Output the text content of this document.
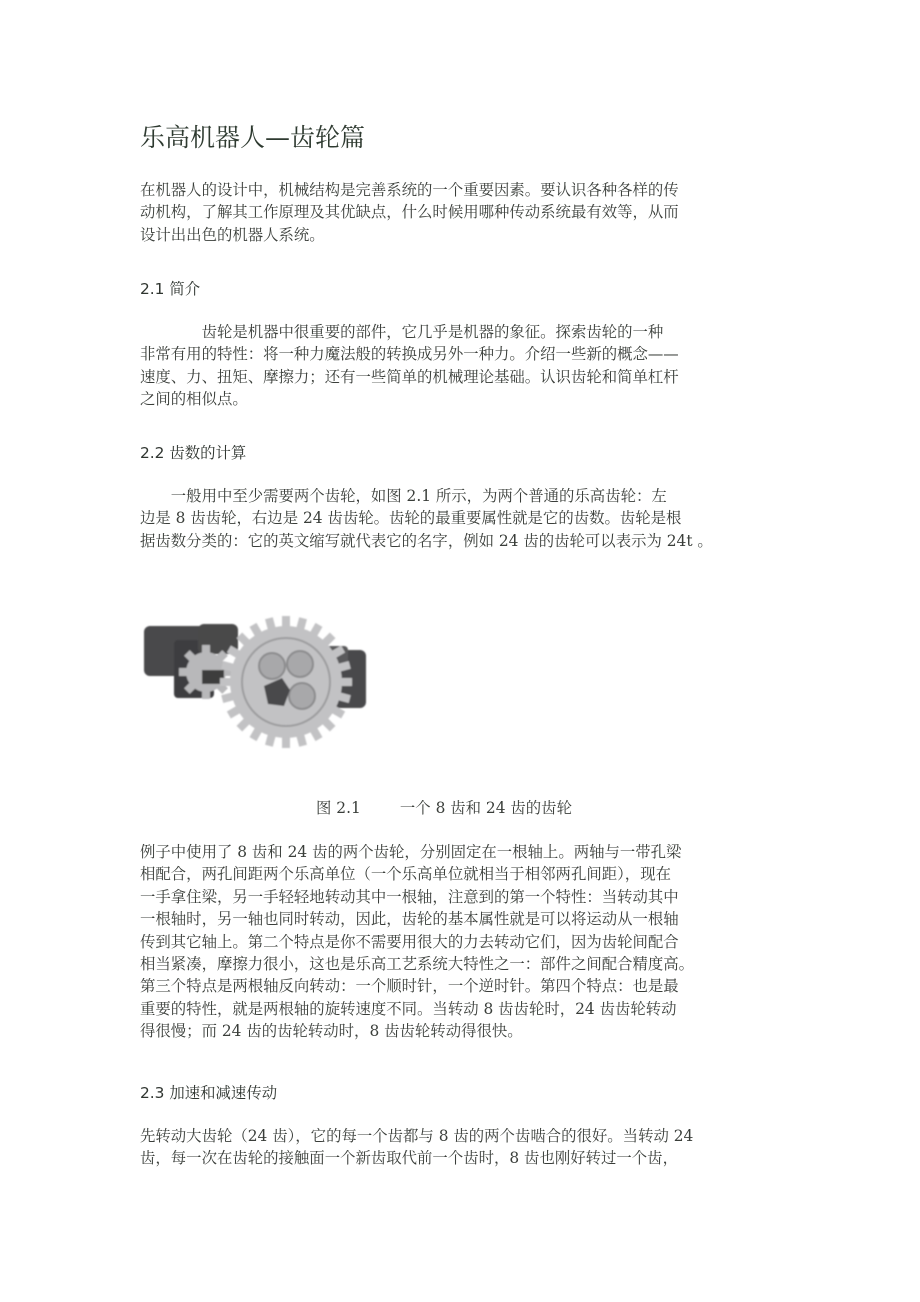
乐高机器人—齿轮篇
在机器人的设计中，机械结构是完善系统的一个重要因素。要认识各种各样的传
动机构，了解其工作原理及其优缺点，什么时候用哪种传动系统最有效等，从而
设计出出色的机器人系统。
2.1 简介
　　　　齿轮是机器中很重要的部件，它几乎是机器的象征。探索齿轮的一种
非常有用的特性：将一种力魔法般的转换成另外一种力。介绍一些新的概念——
速度、力、扭矩、摩擦力；还有一些简单的机械理论基础。认识齿轮和简单杠杆
之间的相似点。
2.2 齿数的计算
　　一般用中至少需要两个齿轮，如图 2.1 所示，为两个普通的乐高齿轮：左
边是 8 齿齿轮，右边是 24 齿齿轮。齿轮的最重要属性就是它的齿数。齿轮是根
据齿数分类的：它的英文缩写就代表它的名字，例如 24 齿的齿轮可以表示为 24t 。
图 2.1        一个 8 齿和 24 齿的齿轮
例子中使用了 8 齿和 24 齿的两个齿轮，分别固定在一根轴上。两轴与一带孔梁
相配合，两孔间距两个乐高单位（一个乐高单位就相当于相邻两孔间距），现在
一手拿住梁，另一手轻轻地转动其中一根轴，注意到的第一个特性：当转动其中
一根轴时，另一轴也同时转动，因此，齿轮的基本属性就是可以将运动从一根轴
传到其它轴上。第二个特点是你不需要用很大的力去转动它们，因为齿轮间配合
相当紧凑，摩擦力很小，这也是乐高工艺系统大特性之一：部件之间配合精度高。
第三个特点是两根轴反向转动：一个顺时针，一个逆时针。第四个特点：也是最
重要的特性，就是两根轴的旋转速度不同。当转动 8 齿齿轮时，24 齿齿轮转动
得很慢；而 24 齿的齿轮转动时，8 齿齿轮转动得很快。
2.3 加速和减速传动
先转动大齿轮（24 齿），它的每一个齿都与 8 齿的两个齿啮合的很好。当转动 24
齿，每一次在齿轮的接触面一个新齿取代前一个齿时，8 齿也刚好转过一个齿，
